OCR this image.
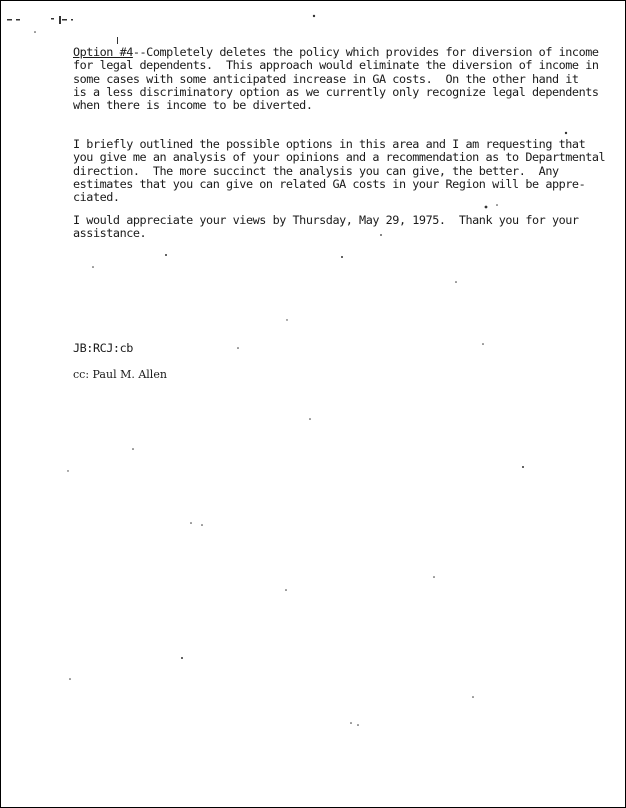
Option #4--Completely deletes the policy which provides for diversion of income
for legal dependents.  This approach would eliminate the diversion of income in
some cases with some anticipated increase in GA costs.  On the other hand it
is a less discriminatory option as we currently only recognize legal dependents
when there is income to be diverted.
I briefly outlined the possible options in this area and I am requesting that
you give me an analysis of your opinions and a recommendation as to Departmental
direction.  The more succinct the analysis you can give, the better.  Any
estimates that you can give on related GA costs in your Region will be appre-
ciated.
I would appreciate your views by Thursday, May 29, 1975.  Thank you for your
assistance.
JB:RCJ:cb
cc: Paul M. Allen
